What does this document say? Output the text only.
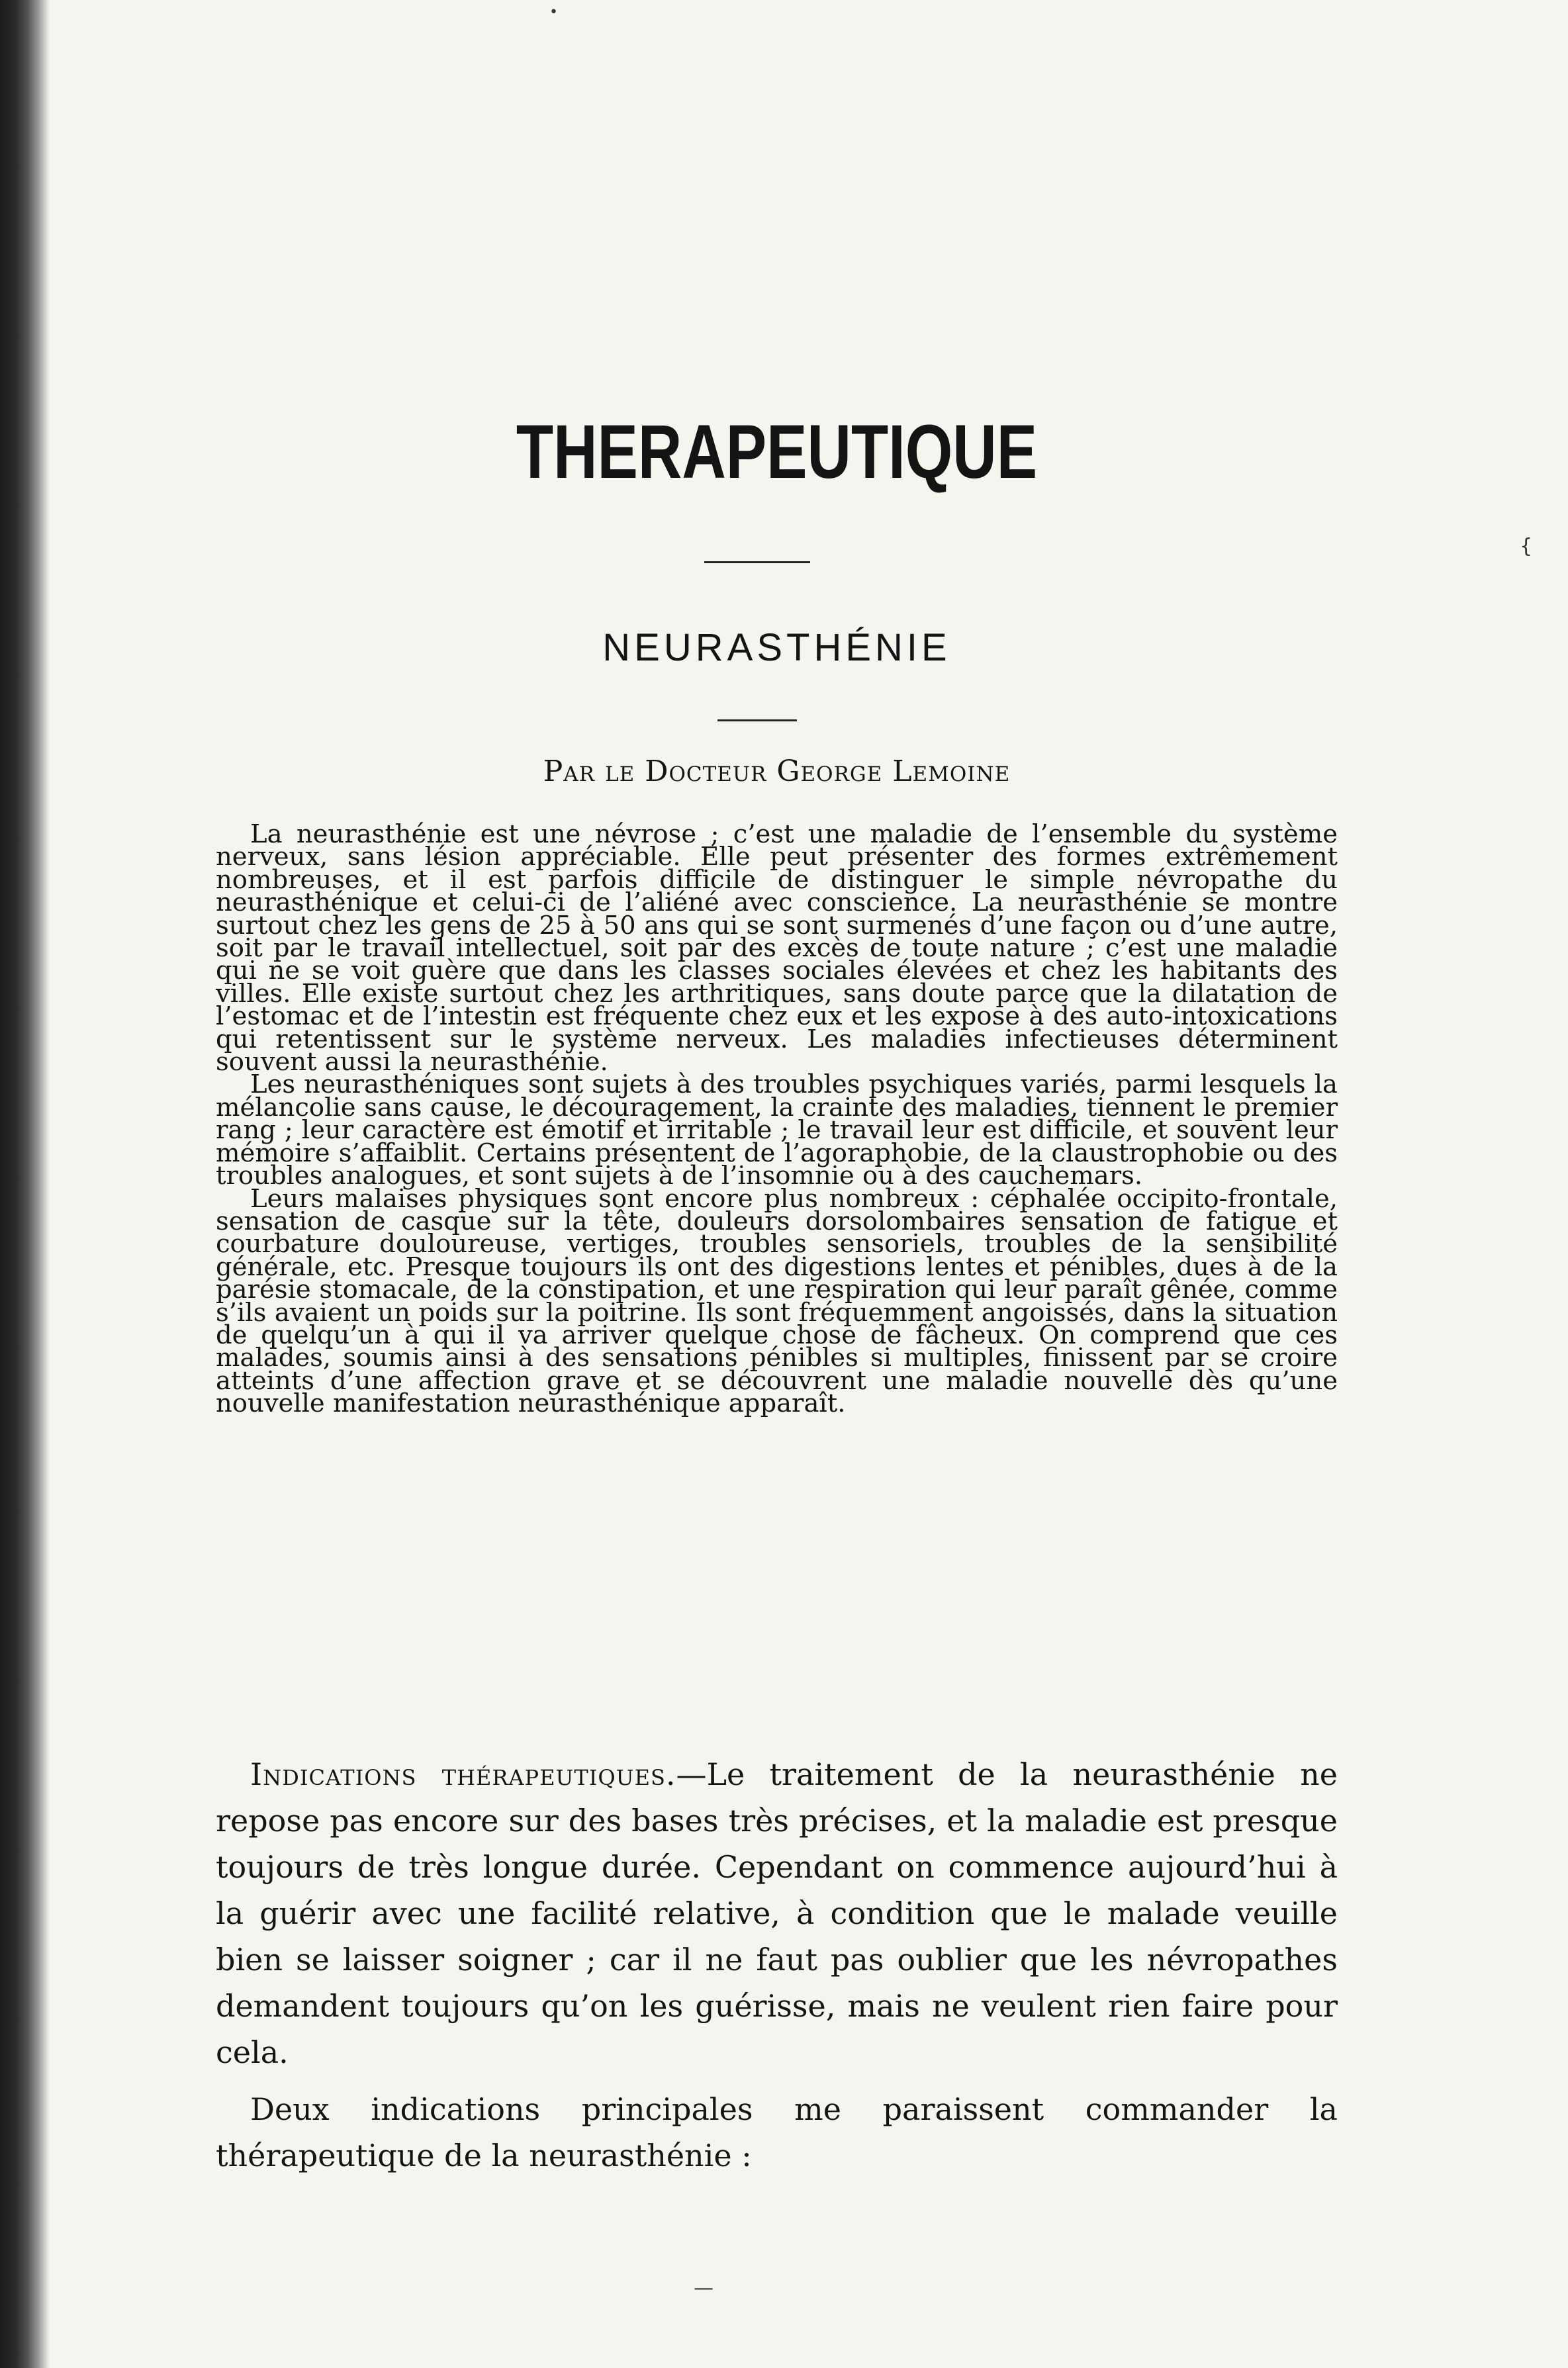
THERAPEUTIQUE
NEURASTHÉNIE
Par le Docteur George Lemoine

La neurasthénie est une névrose ; c’est une maladie de l’ensemble du système nerveux, sans lésion appréciable. Elle peut présenter des formes extrêmement nombreuses, et il est parfois difficile de distinguer le simple névropathe du neurasthénique et celui-ci de l’aliéné avec conscience. La neurasthénie se montre surtout chez les gens de 25 à 50 ans qui se sont surmenés d’une façon ou d’une autre, soit par le travail intellectuel, soit par des excès de toute nature ; c’est une maladie qui ne se voit guère que dans les classes sociales élevées et chez les habitants des villes. Elle existe surtout chez les arthritiques, sans doute parce que la dilatation de l’estomac et de l’intestin est fréquente chez eux et les expose à des auto-intoxications qui retentissent sur le système nerveux. Les maladies infectieuses déterminent souvent aussi la neurasthénie.

Les neurasthéniques sont sujets à des troubles psychiques variés, parmi lesquels la mélancolie sans cause, le découragement, la crainte des maladies, tiennent le premier rang ; leur caractère est émotif et irritable ; le travail leur est difficile, et souvent leur mémoire s’affaiblit. Certains présentent de l’agoraphobie, de la claustrophobie ou des troubles analogues, et sont sujets à de l’insomnie ou à des cauchemars.

Leurs malaises physiques sont encore plus nombreux : céphalée occipito-frontale, sensation de casque sur la tête, douleurs dorsolombaires sensation de fatigue et courbature douloureuse, vertiges, troubles sensoriels, troubles de la sensibilité générale, etc. Presque toujours ils ont des digestions lentes et pénibles, dues à de la parésie stomacale, de la constipation, et une respiration qui leur paraît gênée, comme s’ils avaient un poids sur la poitrine. Ils sont fréquemment angoissés, dans la situation de quelqu’un à qui il va arriver quelque chose de fâcheux. On comprend que ces malades, soumis ainsi à des sensations pénibles si multiples, finissent par se croire atteints d’une affection grave et se découvrent une maladie nouvelle dès qu’une nouvelle manifestation neurasthénique apparaît.

Indications thérapeutiques.—Le traitement de la neurasthénie ne repose pas encore sur des bases très précises, et la maladie est presque toujours de très longue durée. Cependant on commence aujourd’hui à la guérir avec une facilité relative, à condition que le malade veuille bien se laisser soigner ; car il ne faut pas oublier que les névropathes demandent toujours qu’on les guérisse, mais ne veulent rien faire pour cela.

Deux indications principales me paraissent commander la thérapeutique de la neurasthénie :

•
—
{
